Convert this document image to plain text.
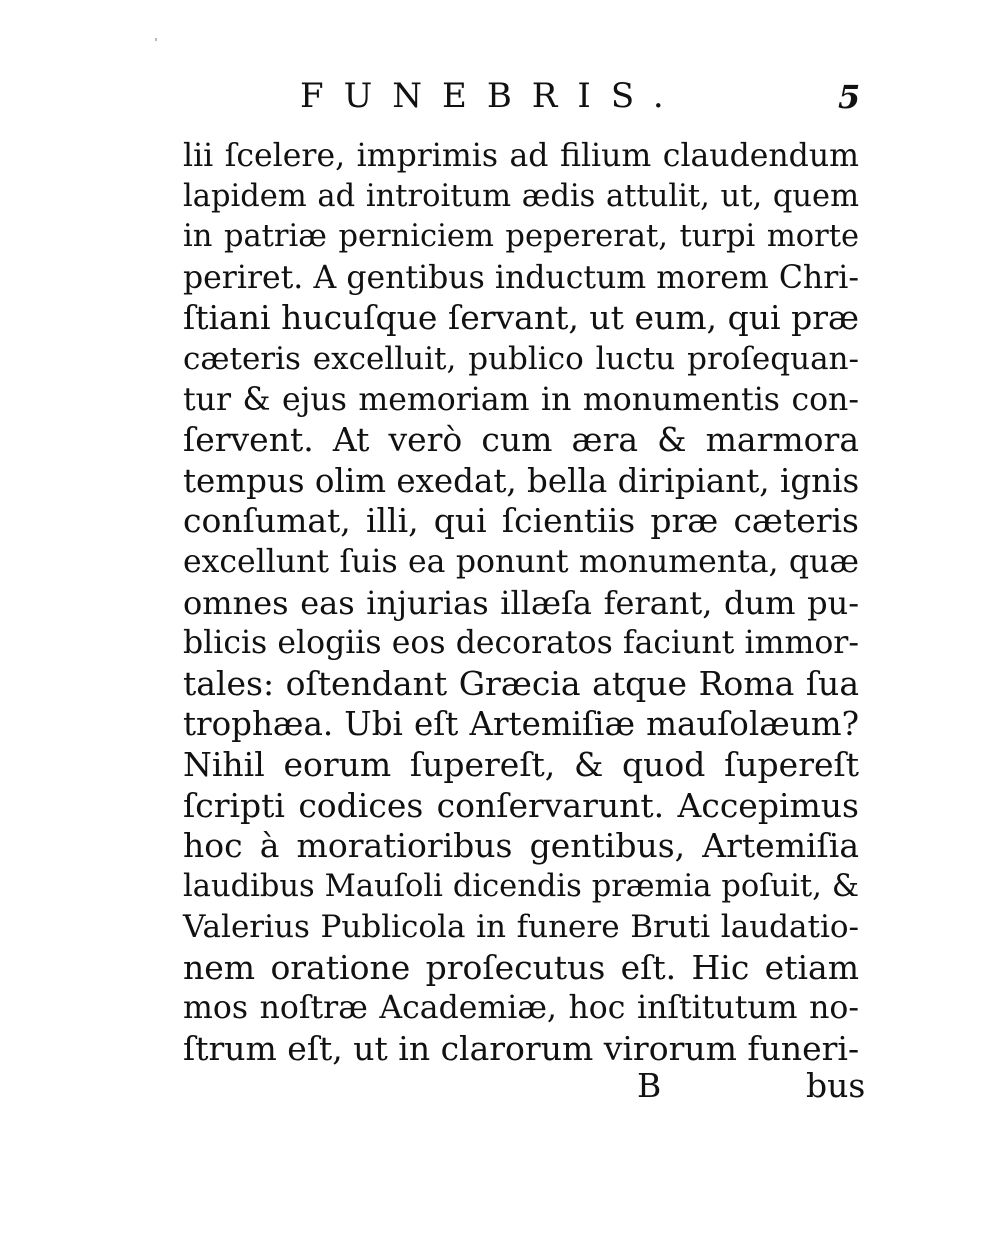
FUNEBRIS.	5
lii ſcelere, imprimis ad filium claudendum
lapidem ad introitum ædis attulit, ut, quem
in patriæ perniciem pepererat, turpi morte
periret. A gentibus inductum morem Chri-
ſtiani hucuſque ſervant, ut eum, qui præ
cæteris excelluit, publico luctu proſequan-
tur & ejus memoriam in monumentis con-
ſervent. At verò cum æra & marmora
tempus olim exedat, bella diripiant, ignis
conſumat, illi, qui ſcientiis præ cæteris
excellunt ſuis ea ponunt monumenta, quæ
omnes eas injurias illæſa ferant, dum pu-
blicis elogiis eos decoratos faciunt immor-
tales: oſtendant Græcia atque Roma ſua
trophæa. Ubi eſt Artemiſiæ mauſolæum?
Nihil eorum ſupereſt, & quod ſupereſt
ſcripti codices conſervarunt. Accepimus
hoc à moratioribus gentibus, Artemiſia
laudibus Mauſoli dicendis præmia poſuit, &
Valerius Publicola in funere Bruti laudatio-
nem oratione proſecutus eſt. Hic etiam
mos noſtræ Academiæ, hoc inſtitutum no-
ſtrum eſt, ut in clarorum virorum funeri-
B	bus
